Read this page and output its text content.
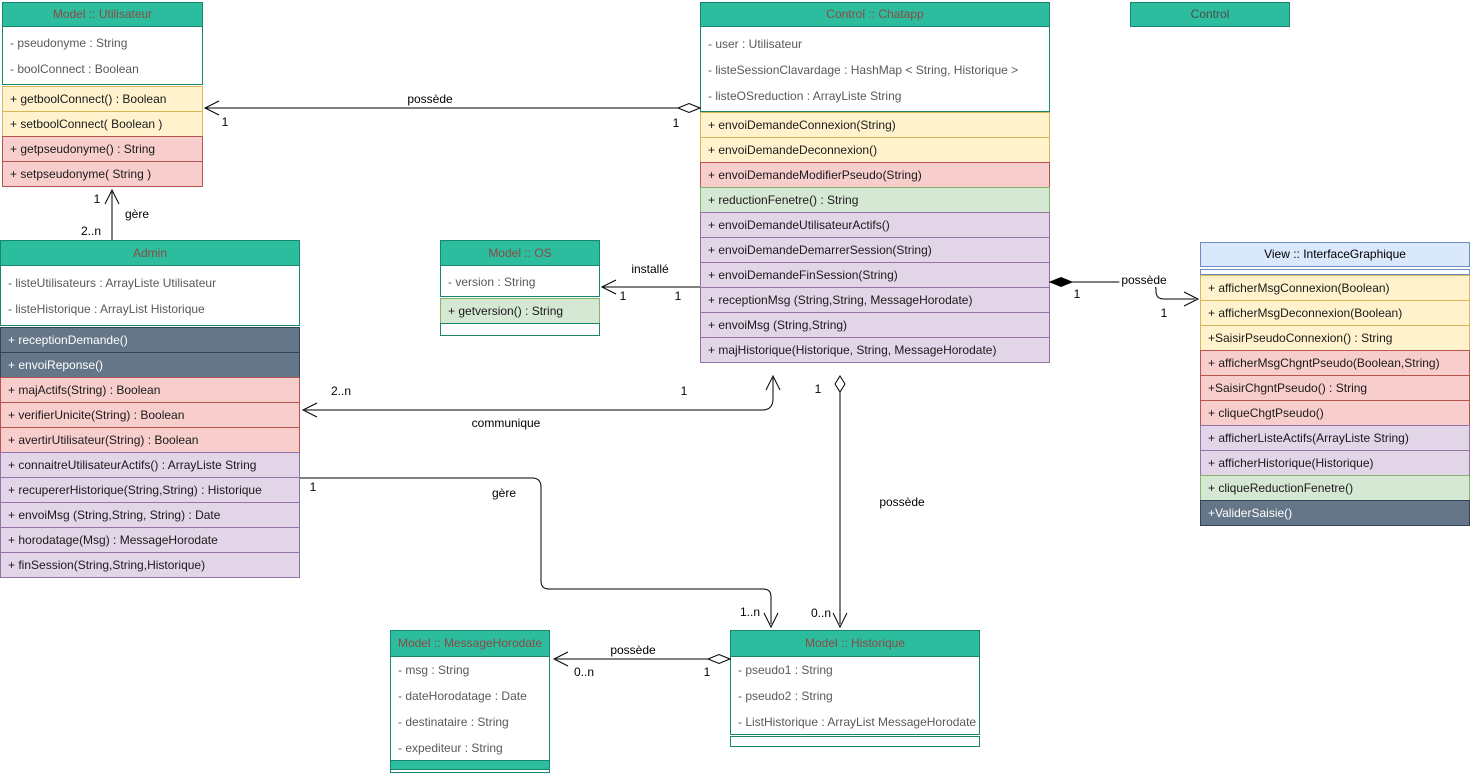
Model :: Utilisateur
- pseudonyme : String
- boolConnect : Boolean
+ getboolConnect() : Boolean
+ setboolConnect( Boolean )
+ getpseudonyme() : String
+ setpseudonyme( String )
Control :: Chatapp
- user : Utilisateur
- listeSessionClavardage : HashMap < String, Historique >
- listeOSreduction : ArrayListe String
+ envoiDemandeConnexion(String)
+ envoiDemandeDeconnexion()
+ envoiDemandeModifierPseudo(String)
+ reductionFenetre() : String
+ envoiDemandeUtilisateurActifs()
+ envoiDemandeDemarrerSession(String)
+ envoiDemandeFinSession(String)
+ receptionMsg (String,String, MessageHorodate)
+ envoiMsg (String,String)
+ majHistorique(Historique, String, MessageHorodate)
Control
Admin
- listeUtilisateurs : ArrayListe Utilisateur
- listeHistorique : ArrayList Historique
+ receptionDemande()
+ envoiReponse()
+ majActifs(String) : Boolean
+ verifierUnicite(String) : Boolean
+ avertirUtilisateur(String) : Boolean
+ connaitreUtilisateurActifs() : ArrayListe String
+ recupererHistorique(String,String) : Historique
+ envoiMsg (String,String, String) : Date
+ horodatage(Msg) : MessageHorodate
+ finSession(String,String,Historique)
Model :: OS
- version : String
+ getversion() : String
View :: InterfaceGraphique
+ afficherMsgConnexion(Boolean)
+ afficherMsgDeconnexion(Boolean)
+SaisirPseudoConnexion() : String
+ afficherMsgChgntPseudo(Boolean,String)
+SaisirChgntPseudo() : String
+ cliqueChgtPseudo()
+ afficherListeActifs(ArrayListe String)
+ afficherHistorique(Historique)
+ cliqueReductionFenetre()
+ValiderSaisie()
Model :: MessageHorodate
- msg : String
- dateHorodatage : Date
- destinataire : String
- expediteur : String
Model :: Historique
- pseudo1 : String
- pseudo2 : String
- ListHistorique : ArrayList MessageHorodate
possède
1
1
gère
2..n
1
installé
1
1
possède
1
1
communique
1
2..n
gère
1
1..n
possède
1
0..n
possède
1
0..n
